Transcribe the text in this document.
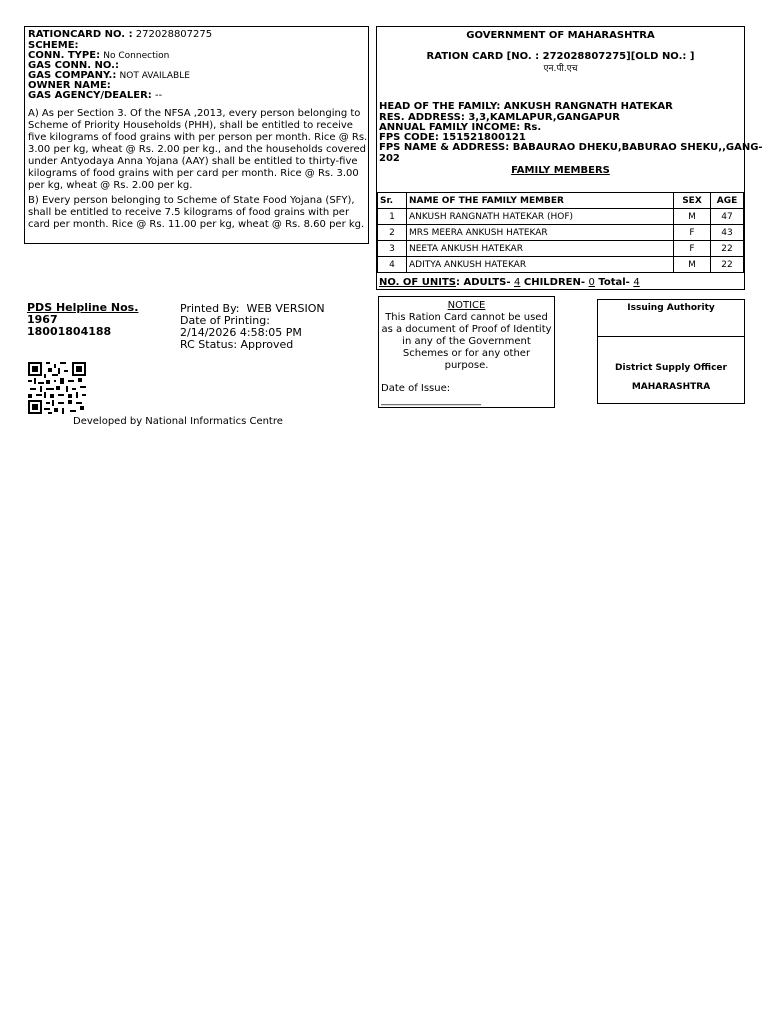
RATIONCARD NO. : 272028807275
SCHEME:
CONN. TYPE: No Connection
GAS CONN. NO.:
GAS COMPANY.: NOT AVAILABLE
OWNER NAME:
GAS AGENCY/DEALER: --
A) As per Section 3. Of the NFSA ,2013, every person belonging to Scheme of Priority Households (PHH), shall be entitled to receive five kilograms of food grains with per person per month. Rice @ Rs. 3.00 per kg, wheat @ Rs. 2.00 per kg., and the households covered under Antyodaya Anna Yojana (AAY) shall be entitled to thirty-five kilograms of food grains with per card per month. Rice @ Rs. 3.00 per kg, wheat @ Rs. 2.00 per kg.
B) Every person belonging to Scheme of State Food Yojana (SFY), shall be entitled to receive 7.5 kilograms of food grains with per card per month. Rice @ Rs. 11.00 per kg, wheat @ Rs. 8.60 per kg.
GOVERNMENT OF MAHARASHTRA
RATION CARD [NO. : 272028807275][OLD NO.: ]
एन.पी.एच
HEAD OF THE FAMILY: ANKUSH RANGNATH HATEKAR
RES. ADDRESS: 3,3,KAMLAPUR,GANGAPUR
ANNUAL FAMILY INCOME: Rs.
FPS CODE: 151521800121
FPS NAME & ADDRESS: BABAURAO DHEKU,BABURAO SHEKU,,GANG-
202
FAMILY MEMBERS
Sr.	NAME OF THE FAMILY MEMBER	SEX	AGE
1	ANKUSH RANGNATH HATEKAR (HOF)	M	47
2	MRS MEERA ANKUSH HATEKAR	F	43
3	NEETA ANKUSH HATEKAR	F	22
4	ADITYA ANKUSH HATEKAR	M	22
NO. OF UNITS: ADULTS- 4 CHILDREN- 0 Total- 4
PDS Helpline Nos.
1967
18001804188
Printed By:  WEB VERSION
Date of Printing:
2/14/2026 4:58:05 PM
RC Status: Approved
Developed by National Informatics Centre
NOTICE
This Ration Card cannot be used as a document of Proof of Identity in any of the Government Schemes or for any other purpose.
Date of Issue:
____________________
Issuing Authority
District Supply Officer
MAHARASHTRA
